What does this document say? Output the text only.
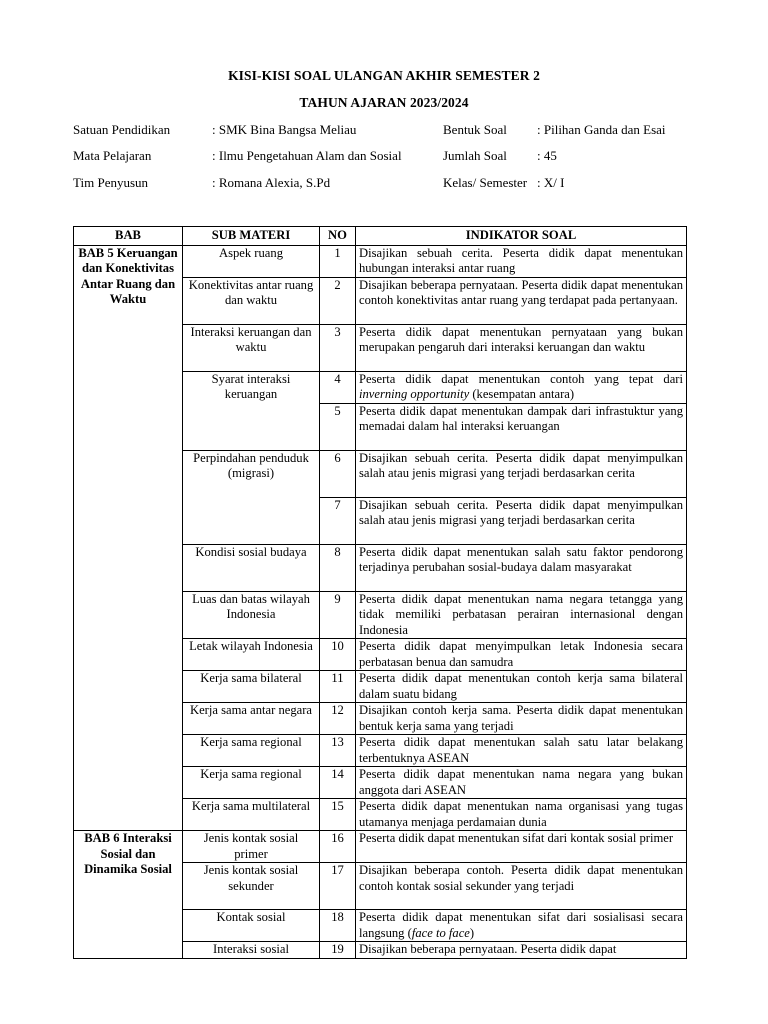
KISI-KISI SOAL ULANGAN AKHIR SEMESTER 2
TAHUN AJARAN 2023/2024
Satuan Pendidikan	: SMK Bina Bangsa Meliau	Bentuk Soal : Pilihan Ganda dan Esai
Mata Pelajaran	: Ilmu Pengetahuan Alam dan Sosial	Jumlah Soal : 45
Tim Penyusun	: Romana Alexia, S.Pd	Kelas/ Semester : X/ I
BAB	SUB MATERI	NO	INDIKATOR SOAL
BAB 5 Keruangan dan Konektivitas Antar Ruang dan Waktu	Aspek ruang	1	Disajikan sebuah cerita. Peserta didik dapat menentukan hubungan interaksi antar ruang
	Konektivitas antar ruang dan waktu	2	Disajikan beberapa pernyataan. Peserta didik dapat menentukan contoh konektivitas antar ruang yang terdapat pada pertanyaan.
	Interaksi keruangan dan waktu	3	Peserta didik dapat menentukan pernyataan yang bukan merupakan pengaruh dari interaksi keruangan dan waktu
	Syarat interaksi keruangan	4	Peserta didik dapat menentukan contoh yang tepat dari inverning opportunity (kesempatan antara)
		5	Peserta didik dapat menentukan dampak dari infrastuktur yang memadai dalam hal interaksi keruangan
	Perpindahan penduduk (migrasi)	6	Disajikan sebuah cerita. Peserta didik dapat menyimpulkan salah atau jenis migrasi yang terjadi berdasarkan cerita
		7	Disajikan sebuah cerita. Peserta didik dapat menyimpulkan salah atau jenis migrasi yang terjadi berdasarkan cerita
	Kondisi sosial budaya	8	Peserta didik dapat menentukan salah satu faktor pendorong terjadinya perubahan sosial-budaya dalam masyarakat
	Luas dan batas wilayah Indonesia	9	Peserta didik dapat menentukan nama negara tetangga yang tidak memiliki perbatasan perairan internasional dengan Indonesia
	Letak wilayah Indonesia	10	Peserta didik dapat menyimpulkan letak Indonesia secara perbatasan benua dan samudra
	Kerja sama bilateral	11	Peserta didik dapat menentukan contoh kerja sama bilateral dalam suatu bidang
	Kerja sama antar negara	12	Disajikan contoh kerja sama. Peserta didik dapat menentukan bentuk kerja sama yang terjadi
	Kerja sama regional	13	Peserta didik dapat menentukan salah satu latar belakang terbentuknya ASEAN
	Kerja sama regional	14	Peserta didik dapat menentukan nama negara yang bukan anggota dari ASEAN
	Kerja sama multilateral	15	Peserta didik dapat menentukan nama organisasi yang tugas utamanya menjaga perdamaian dunia
BAB 6 Interaksi Sosial dan Dinamika Sosial	Jenis kontak sosial primer	16	Peserta didik dapat menentukan sifat dari kontak sosial primer
	Jenis kontak sosial sekunder	17	Disajikan beberapa contoh. Peserta didik dapat menentukan contoh kontak sosial sekunder yang terjadi
	Kontak sosial	18	Peserta didik dapat menentukan sifat dari sosialisasi secara langsung (face to face)
	Interaksi sosial	19	Disajikan beberapa pernyataan. Peserta didik dapat
